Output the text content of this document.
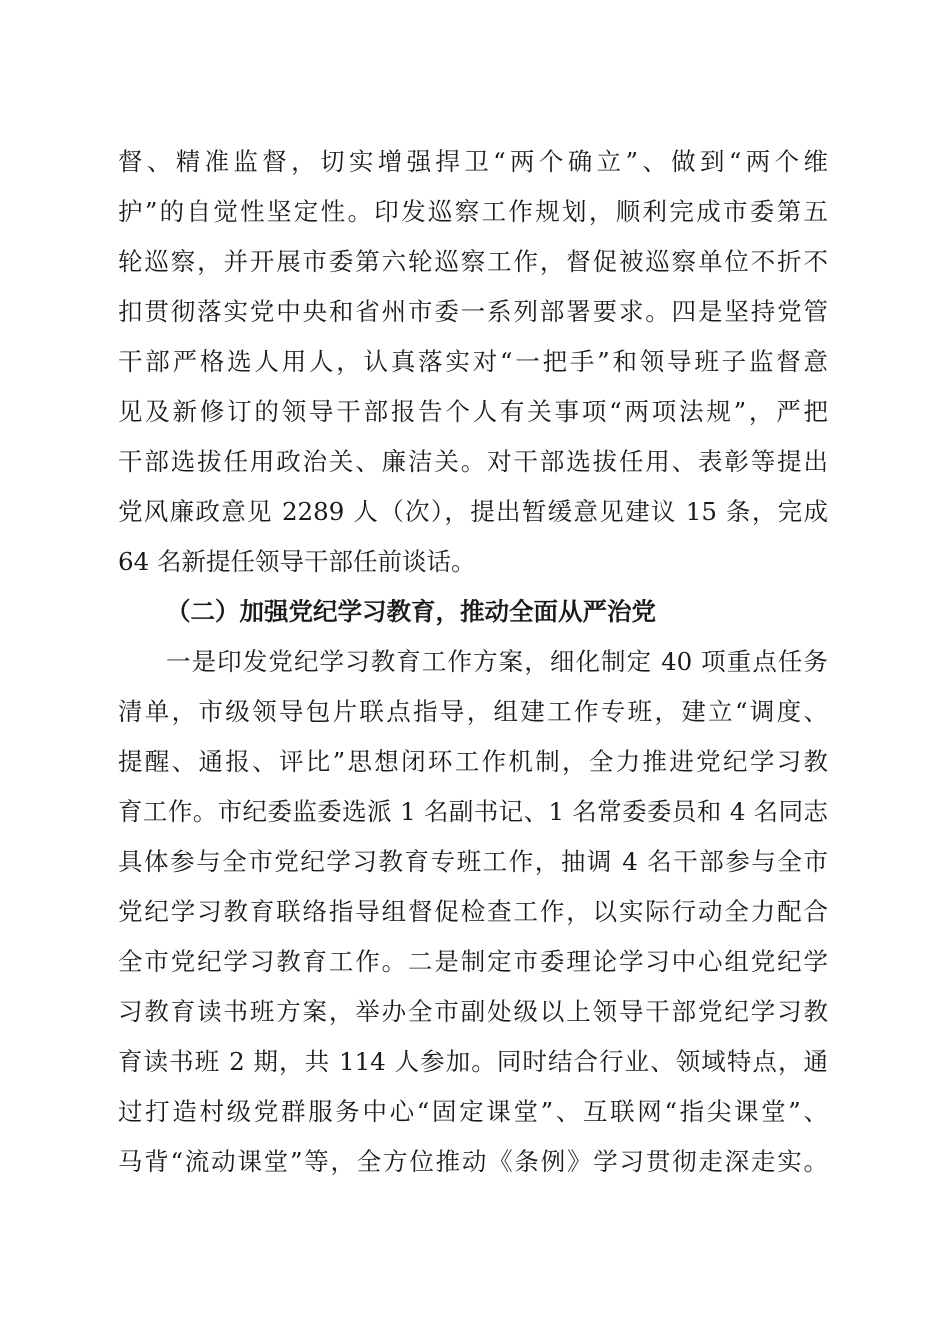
督、精准监督，切实增强捍卫“两个确立”、做到“两个维
护”的自觉性坚定性。印发巡察工作规划，顺利完成市委第五
轮巡察，并开展市委第六轮巡察工作，督促被巡察单位不折不
扣贯彻落实党中央和省州市委一系列部署要求。四是坚持党管
干部严格选人用人，认真落实对“一把手”和领导班子监督意
见及新修订的领导干部报告个人有关事项“两项法规”，严把
干部选拔任用政治关、廉洁关。对干部选拔任用、表彰等提出
党风廉政意见 2289 人（次），提出暂缓意见建议 15 条，完成
64 名新提任领导干部任前谈话。
（二）加强党纪学习教育，推动全面从严治党
一是印发党纪学习教育工作方案，细化制定 40 项重点任务
清单，市级领导包片联点指导，组建工作专班，建立“调度、
提醒、通报、评比”思想闭环工作机制，全力推进党纪学习教
育工作。市纪委监委选派 1 名副书记、1 名常委委员和 4 名同志
具体参与全市党纪学习教育专班工作，抽调 4 名干部参与全市
党纪学习教育联络指导组督促检查工作，以实际行动全力配合
全市党纪学习教育工作。二是制定市委理论学习中心组党纪学
习教育读书班方案，举办全市副处级以上领导干部党纪学习教
育读书班 2 期，共 114 人参加。同时结合行业、领域特点，通
过打造村级党群服务中心“固定课堂”、互联网“指尖课堂”、
马背“流动课堂”等，全方位推动《条例》学习贯彻走深走实。
